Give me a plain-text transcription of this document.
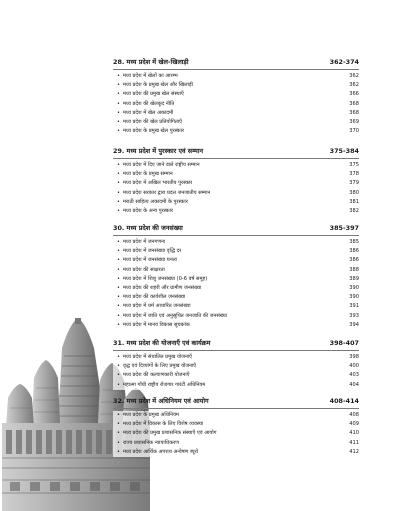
28. मध्य प्रदेश में खेल-खिलाड़ी	362-374
• मध्य प्रदेश में खेलों का आरम्भ	362
• मध्य प्रदेश के प्रमुख खेल और खिलाड़ी	362
• मध्य प्रदेश की प्रमुख खेल संस्थाएँ	366
• मध्य प्रदेश की खेलकूद नीति	368
• मध्य प्रदेश में खेल अकादमी	368
• मध्य प्रदेश की खेल प्रतियोगिताएँ	369
• मध्य प्रदेश के प्रमुख खेल पुरस्कार	370
29. मध्य प्रदेश में पुरस्कार एवं सम्मान	375-384
• मध्य प्रदेश में दिए जाने वाले राष्ट्रीय सम्मान	375
• मध्य प्रदेश के प्रमुख सम्मान	378
• मध्य प्रदेश में अखिल भारतीय पुरस्कार	379
• मध्य प्रदेश सरकार द्वारा प्रदत्त जनजातीय सम्मान	380
• मराठी साहित्य अकादमी के पुरस्कार	381
• मध्य प्रदेश के अन्य पुरस्कार	382
30. मध्य प्रदेश की जनसंख्या	385-397
• मध्य प्रदेश में जनगणना	385
• मध्य प्रदेश में जनसंख्या वृद्धि दर	386
• मध्य प्रदेश में जनसंख्या घनत्व	386
• मध्य प्रदेश की साक्षरता	388
• मध्य प्रदेश में शिशु जनसंख्या (0-6 वर्ष समूह)	389
• मध्य प्रदेश की शहरी और ग्रामीण जनसंख्या	390
• मध्य प्रदेश की कार्यशील जनसंख्या	390
• मध्य प्रदेश में धर्म आधारित जनसंख्या	391
• मध्य प्रदेश में जाति एवं अनुसूचित जनजाति की जनसंख्या	393
• मध्य प्रदेश में मानव विकास सूचकांक	394
31. मध्य प्रदेश की योजनाएँ एवं कार्यक्रम	398-407
• मध्य प्रदेश में संचालित प्रमुख योजनाएँ	398
• वृद्ध एवं दिव्यांगों के लिए प्रमुख योजनाएँ	400
• मध्य प्रदेश की कल्याणकारी योजनाएँ	403
• महात्मा गाँधी राष्ट्रीय रोजगार गारंटी अधिनियम	404
32. मध्य प्रदेश में अधिनियम एवं आयोग	408-414
• मध्य प्रदेश के प्रमुख अधिनियम	408
• मध्य प्रदेश में विकास के लिए विशेष व्यवस्था	409
• मध्य प्रदेश की प्रमुख प्रशासनिक संस्थाएँ एवं आयोग	410
• राज्य प्रशासनिक न्यायाधिकरण	411
• मध्य प्रदेश आर्थिक अपराध अन्वेषण ब्यूरो	412
